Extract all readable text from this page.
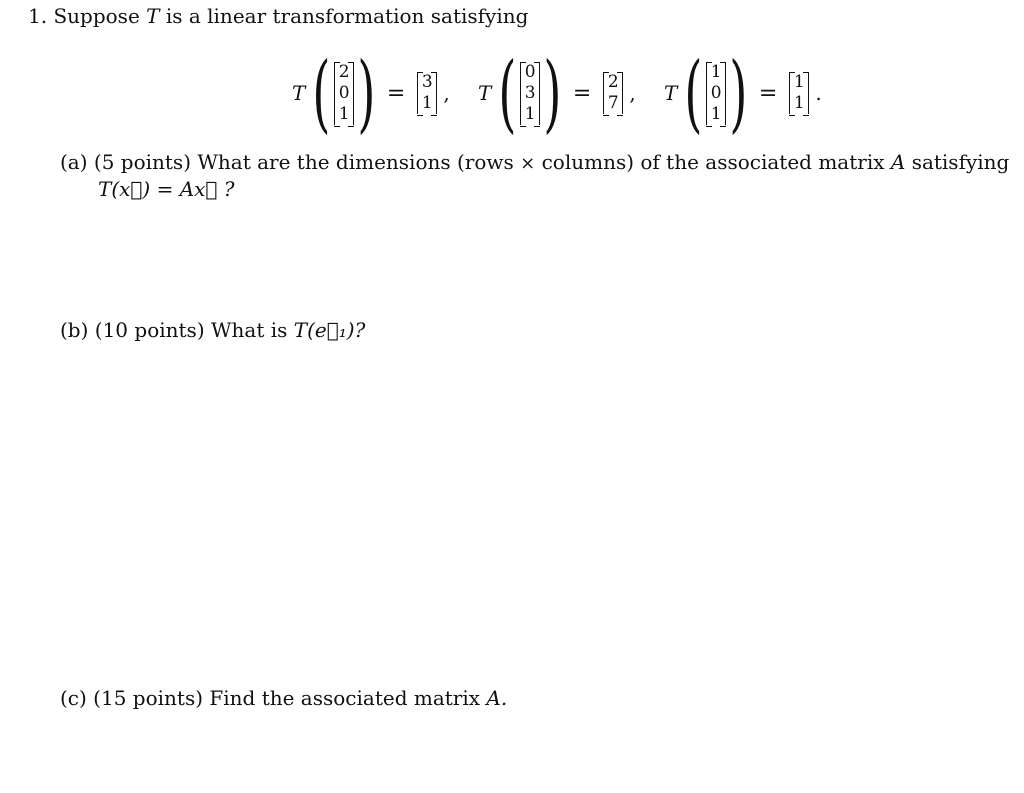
1. Suppose T is a linear transformation satisfying
T ( 2
0
1 ) = 3
1 , T ( 0
3
1 ) = 2
7 , T ( 1
0
1 ) = 1
1 .
(a) (5 points) What are the dimensions (rows × columns) of the associated matrix A satisfying
T(x⃗) = Ax⃗ ?
(b) (10 points) What is T(e⃗₁)?
(c) (15 points) Find the associated matrix A.
